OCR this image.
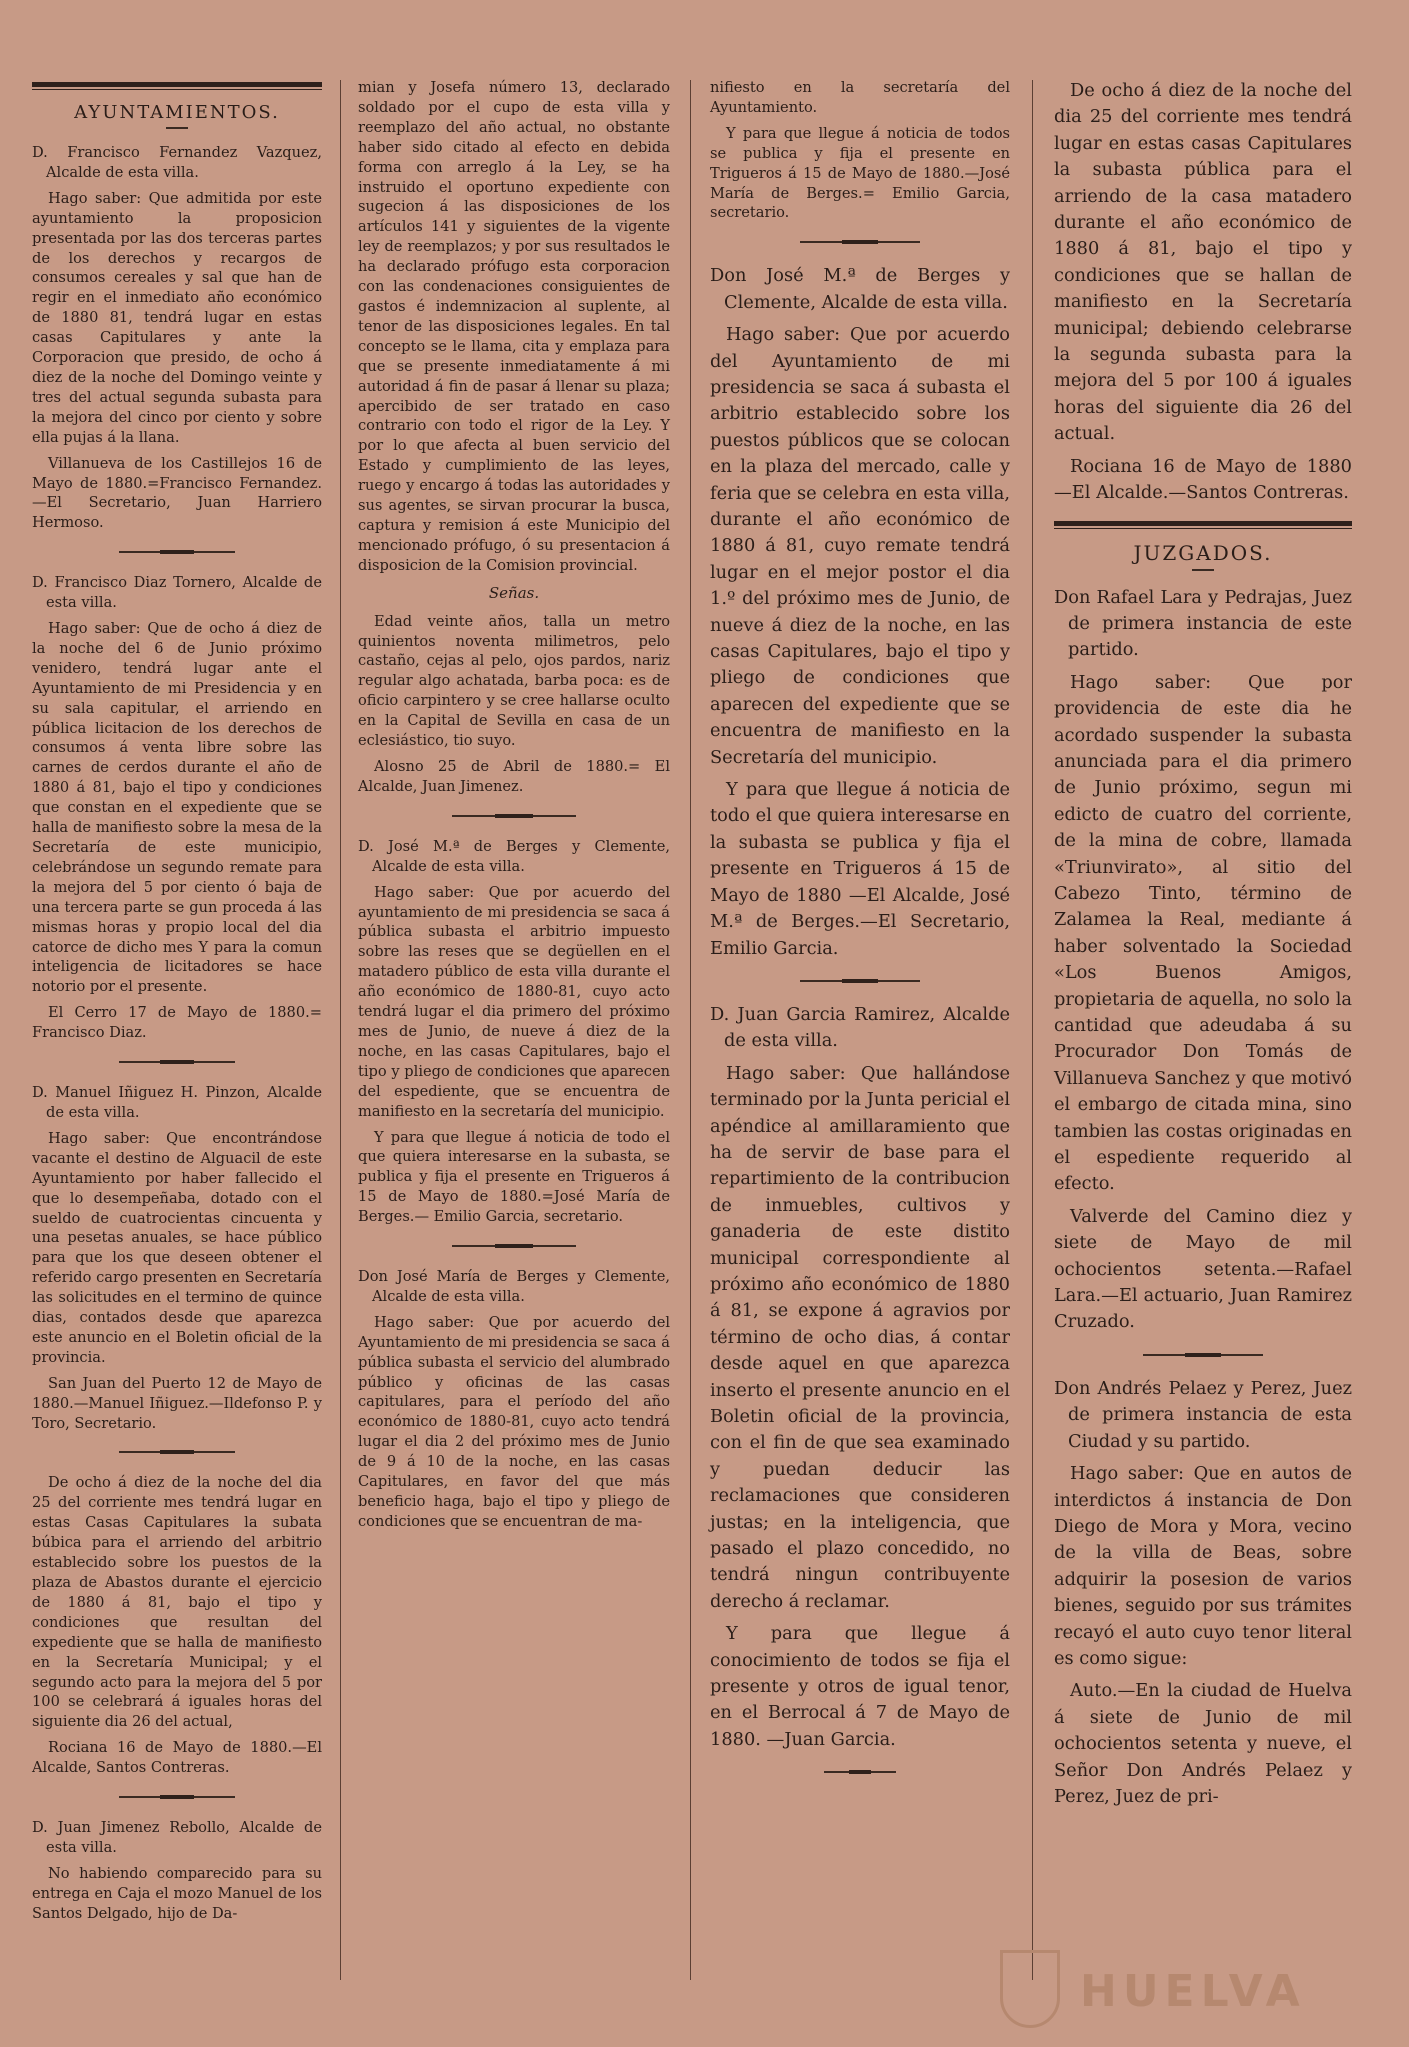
AYUNTAMIENTOS.

D. Francisco Fernandez Vazquez, Alcalde de esta villa.

Hago saber: Que admitida por este ayuntamiento la proposicion presentada por las dos terceras partes de los derechos y recargos de consumos cereales y sal que han de regir en el inmediato año económico de 1880 81, tendrá lugar en estas casas Capitulares y ante la Corporacion que presido, de ocho á diez de la noche del Domingo veinte y tres del actual segunda subasta para la mejora del cinco por ciento y sobre ella pujas á la llana.

Villanueva de los Castillejos 16 de Mayo de 1880.=Francisco Fernandez.—El Secretario, Juan Harriero Hermoso.

D. Francisco Diaz Tornero, Alcalde de esta villa.

Hago saber: Que de ocho á diez de la noche del 6 de Junio próximo venidero, tendrá lugar ante el Ayuntamiento de mi Presidencia y en su sala capitular, el arriendo en pública licitacion de los derechos de consumos á venta libre sobre las carnes de cerdos durante el año de 1880 á 81, bajo el tipo y condiciones que constan en el expediente que se halla de manifiesto sobre la mesa de la Secretaría de este municipio, celebrándose un segundo remate para la mejora del 5 por ciento ó baja de una tercera parte se gun proceda á las mismas horas y propio local del dia catorce de dicho mes Y para la comun inteligencia de licitadores se hace notorio por el presente.

El Cerro 17 de Mayo de 1880.= Francisco Diaz.

D. Manuel Iñiguez H. Pinzon, Alcalde de esta villa.

Hago saber: Que encontrándose vacante el destino de Alguacil de este Ayuntamiento por haber fallecido el que lo desempeñaba, dotado con el sueldo de cuatrocientas cincuenta y una pesetas anuales, se hace público para que los que deseen obtener el referido cargo presenten en Secretaría las solicitudes en el termino de quince dias, contados desde que aparezca este anuncio en el Boletin oficial de la provincia.

San Juan del Puerto 12 de Mayo de 1880.—Manuel Iñiguez.—Ildefonso P. y Toro, Secretario.

De ocho á diez de la noche del dia 25 del corriente mes tendrá lugar en estas Casas Capitulares la subata búbica para el arriendo del arbitrio establecido sobre los puestos de la plaza de Abastos durante el ejercicio de 1880 á 81, bajo el tipo y condiciones que resultan del expediente que se halla de manifiesto en la Secretaría Municipal; y el segundo acto para la mejora del 5 por 100 se celebrará á iguales horas del siguiente dia 26 del actual,

Rociana 16 de Mayo de 1880.—El Alcalde, Santos Contreras.

D. Juan Jimenez Rebollo, Alcalde de esta villa.

No habiendo comparecido para su entrega en Caja el mozo Manuel de los Santos Delgado, hijo de Da-

mian y Josefa número 13, declarado soldado por el cupo de esta villa y reemplazo del año actual, no obstante haber sido citado al efecto en debida forma con arreglo á la Ley, se ha instruido el oportuno expediente con sugecion á las disposiciones de los artículos 141 y siguientes de la vigente ley de reemplazos; y por sus resultados le ha declarado prófugo esta corporacion con las condenaciones consiguientes de gastos é indemnizacion al suplente, al tenor de las disposiciones legales. En tal concepto se le llama, cita y emplaza para que se presente inmediatamente á mi autoridad á fin de pasar á llenar su plaza; apercibido de ser tratado en caso contrario con todo el rigor de la Ley. Y por lo que afecta al buen servicio del Estado y cumplimiento de las leyes, ruego y encargo á todas las autoridades y sus agentes, se sirvan procurar la busca, captura y remision á este Municipio del mencionado prófugo, ó su presentacion á disposicion de la Comision provincial.

Señas.

Edad veinte años, talla un metro quinientos noventa milimetros, pelo castaño, cejas al pelo, ojos pardos, nariz regular algo achatada, barba poca: es de oficio carpintero y se cree hallarse oculto en la Capital de Sevilla en casa de un eclesiástico, tio suyo.

Alosno 25 de Abril de 1880.= El Alcalde, Juan Jimenez.

D. José M.ª de Berges y Clemente, Alcalde de esta villa.

Hago saber: Que por acuerdo del ayuntamiento de mi presidencia se saca á pública subasta el arbitrio impuesto sobre las reses que se degüellen en el matadero público de esta villa durante el año económico de 1880-81, cuyo acto tendrá lugar el dia primero del próximo mes de Junio, de nueve á diez de la noche, en las casas Capitulares, bajo el tipo y pliego de condiciones que aparecen del espediente, que se encuentra de manifiesto en la secretaría del municipio.

Y para que llegue á noticia de todo el que quiera interesarse en la subasta, se publica y fija el presente en Trigueros á 15 de Mayo de 1880.=José María de Berges.— Emilio Garcia, secretario.

Don José María de Berges y Clemente, Alcalde de esta villa.

Hago saber: Que por acuerdo del Ayuntamiento de mi presidencia se saca á pública subasta el servicio del alumbrado público y oficinas de las casas capitulares, para el período del año económico de 1880-81, cuyo acto tendrá lugar el dia 2 del próximo mes de Junio de 9 á 10 de la noche, en las casas Capitulares, en favor del que más beneficio haga, bajo el tipo y pliego de condiciones que se encuentran de ma-

nifiesto en la secretaría del Ayuntamiento.

Y para que llegue á noticia de todos se publica y fija el presente en Trigueros á 15 de Mayo de 1880.—José María de Berges.= Emilio Garcia, secretario.

Don José M.ª de Berges y Clemente, Alcalde de esta villa.

Hago saber: Que por acuerdo del Ayuntamiento de mi presidencia se saca á subasta el arbitrio establecido sobre los puestos públicos que se colocan en la plaza del mercado, calle y feria que se celebra en esta villa, durante el año económico de 1880 á 81, cuyo remate tendrá lugar en el mejor postor el dia 1.º del próximo mes de Junio, de nueve á diez de la noche, en las casas Capitulares, bajo el tipo y pliego de condiciones que aparecen del expediente que se encuentra de manifiesto en la Secretaría del municipio.

Y para que llegue á noticia de todo el que quiera interesarse en la subasta se publica y fija el presente en Trigueros á 15 de Mayo de 1880 —El Alcalde, José M.ª de Berges.—El Secretario, Emilio Garcia.

D. Juan Garcia Ramirez, Alcalde de esta villa.

Hago saber: Que hallándose terminado por la Junta pericial el apéndice al amillaramiento que ha de servir de base para el repartimiento de la contribucion de inmuebles, cultivos y ganaderia de este distito municipal correspondiente al próximo año económico de 1880 á 81, se expone á agravios por término de ocho dias, á contar desde aquel en que aparezca inserto el presente anuncio en el Boletin oficial de la provincia, con el fin de que sea examinado y puedan deducir las reclamaciones que consideren justas; en la inteligencia, que pasado el plazo concedido, no tendrá ningun contribuyente derecho á reclamar.

Y para que llegue á conocimiento de todos se fija el presente y otros de igual tenor, en el Berrocal á 7 de Mayo de 1880. —Juan Garcia.

De ocho á diez de la noche del dia 25 del corriente mes tendrá lugar en estas casas Capitulares la subasta pública para el arriendo de la casa matadero durante el año económico de 1880 á 81, bajo el tipo y condiciones que se hallan de manifiesto en la Secretaría municipal; debiendo celebrarse la segunda subasta para la mejora del 5 por 100 á iguales horas del siguiente dia 26 del actual.

Rociana 16 de Mayo de 1880 —El Alcalde.—Santos Contreras.

JUZGADOS.

Don Rafael Lara y Pedrajas, Juez de primera instancia de este partido.

Hago saber: Que por providencia de este dia he acordado suspender la subasta anunciada para el dia primero de Junio próximo, segun mi edicto de cuatro del corriente, de la mina de cobre, llamada «Triunvirato», al sitio del Cabezo Tinto, término de Zalamea la Real, mediante á haber solventado la Sociedad «Los Buenos Amigos, propietaria de aquella, no solo la cantidad que adeudaba á su Procurador Don Tomás de Villanueva Sanchez y que motivó el embargo de citada mina, sino tambien las costas originadas en el espediente requerido al efecto.

Valverde del Camino diez y siete de Mayo de mil ochocientos setenta.—Rafael Lara.—El actuario, Juan Ramirez Cruzado.

Don Andrés Pelaez y Perez, Juez de primera instancia de esta Ciudad y su partido.

Hago saber: Que en autos de interdictos á instancia de Don Diego de Mora y Mora, vecino de la villa de Beas, sobre adquirir la posesion de varios bienes, seguido por sus trámites recayó el auto cuyo tenor literal es como sigue:

Auto.—En la ciudad de Huelva á siete de Junio de mil ochocientos setenta y nueve, el Señor Don Andrés Pelaez y Perez, Juez de pri-

HUELVA
